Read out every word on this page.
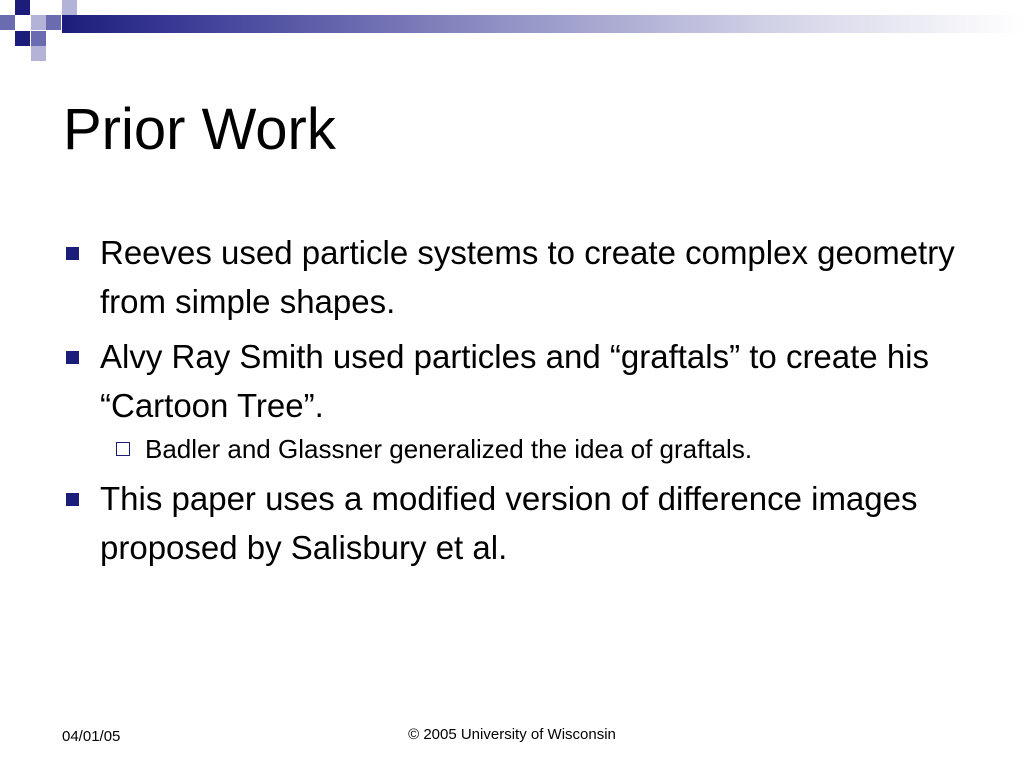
Prior Work
Reeves used particle systems to create complex geometry from simple shapes.
Alvy Ray Smith used particles and “graftals” to create his “Cartoon Tree”.
Badler and Glassner generalized the idea of graftals.
This paper uses a modified version of difference images proposed by Salisbury et al.
04/01/05	© 2005 University of Wisconsin
